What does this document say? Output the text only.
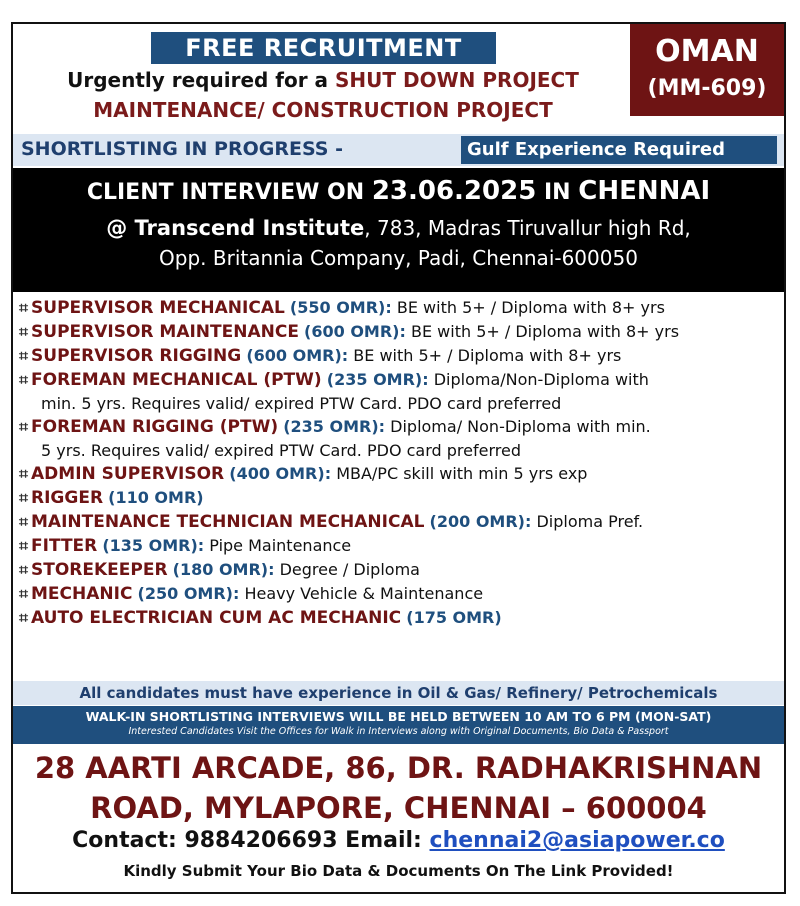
FREE RECRUITMENT
Urgently required for a SHUT DOWN PROJECT
MAINTENANCE/ CONSTRUCTION PROJECT
OMAN
(MM-609)
SHORTLISTING IN PROGRESS -	Gulf Experience Required
CLIENT INTERVIEW ON 23.06.2025 IN CHENNAI
@ Transcend Institute, 783, Madras Tiruvallur high Rd,
Opp. Britannia Company, Padi, Chennai-600050
⌗ SUPERVISOR MECHANICAL (550 OMR): BE with 5+ / Diploma with 8+ yrs
⌗ SUPERVISOR MAINTENANCE (600 OMR): BE with 5+ / Diploma with 8+ yrs
⌗ SUPERVISOR RIGGING (600 OMR): BE with 5+ / Diploma with 8+ yrs
⌗ FOREMAN MECHANICAL (PTW) (235 OMR): Diploma/Non-Diploma with
min. 5 yrs. Requires valid/ expired PTW Card. PDO card preferred
⌗ FOREMAN RIGGING (PTW) (235 OMR): Diploma/ Non-Diploma with min.
5 yrs. Requires valid/ expired PTW Card. PDO card preferred
⌗ ADMIN SUPERVISOR (400 OMR): MBA/PC skill with min 5 yrs exp
⌗ RIGGER (110 OMR)
⌗ MAINTENANCE TECHNICIAN MECHANICAL (200 OMR): Diploma Pref.
⌗ FITTER (135 OMR): Pipe Maintenance
⌗ STOREKEEPER (180 OMR): Degree / Diploma
⌗ MECHANIC (250 OMR): Heavy Vehicle & Maintenance
⌗ AUTO ELECTRICIAN CUM AC MECHANIC (175 OMR)
All candidates must have experience in Oil & Gas/ Refinery/ Petrochemicals
WALK-IN SHORTLISTING INTERVIEWS WILL BE HELD BETWEEN 10 AM TO 6 PM (MON-SAT)
Interested Candidates Visit the Offices for Walk in Interviews along with Original Documents, Bio Data & Passport
28 AARTI ARCADE, 86, DR. RADHAKRISHNAN
ROAD, MYLAPORE, CHENNAI – 600004
Contact: 9884206693 Email: chennai2@asiapower.co
Kindly Submit Your Bio Data & Documents On The Link Provided!
